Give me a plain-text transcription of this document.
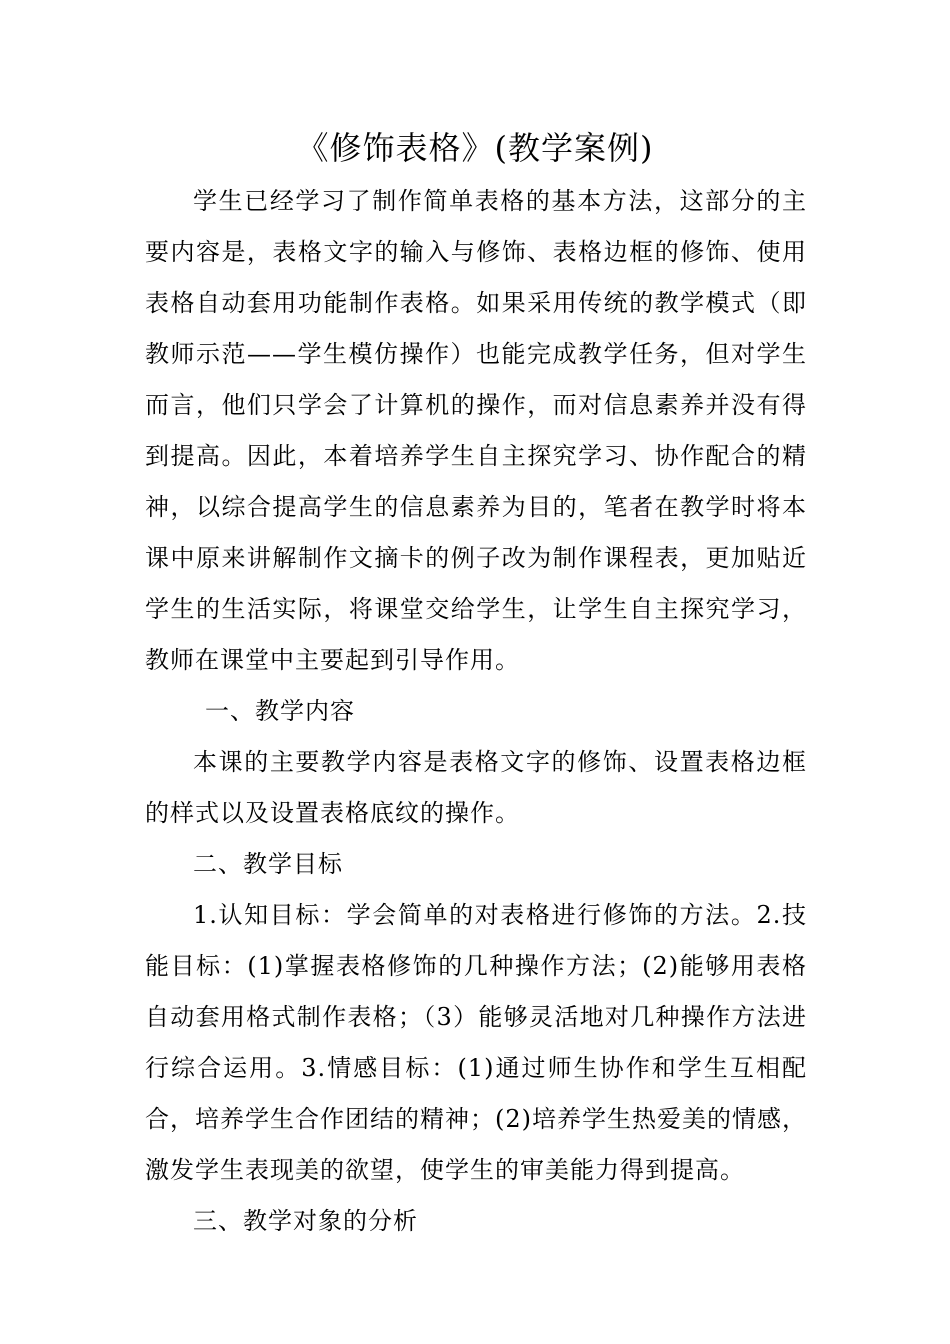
《修饰表格》(教学案例)

学生已经学习了制作简单表格的基本方法，这部分的主要内容是，表格文字的输入与修饰、表格边框的修饰、使用表格自动套用功能制作表格。如果采用传统的教学模式（即教师示范——学生模仿操作）也能完成教学任务，但对学生而言，他们只学会了计算机的操作，而对信息素养并没有得到提高。因此，本着培养学生自主探究学习、协作配合的精神，以综合提高学生的信息素养为目的，笔者在教学时将本课中原来讲解制作文摘卡的例子改为制作课程表，更加贴近学生的生活实际，将课堂交给学生，让学生自主探究学习，教师在课堂中主要起到引导作用。

一、教学内容

本课的主要教学内容是表格文字的修饰、设置表格边框的样式以及设置表格底纹的操作。

二、教学目标

1.认知目标：学会简单的对表格进行修饰的方法。2.技能目标：(1)掌握表格修饰的几种操作方法；(2)能够用表格自动套用格式制作表格；（3）能够灵活地对几种操作方法进行综合运用。3.情感目标：(1)通过师生协作和学生互相配合，培养学生合作团结的精神；(2)培养学生热爱美的情感，激发学生表现美的欲望，使学生的审美能力得到提高。

三、教学对象的分析
